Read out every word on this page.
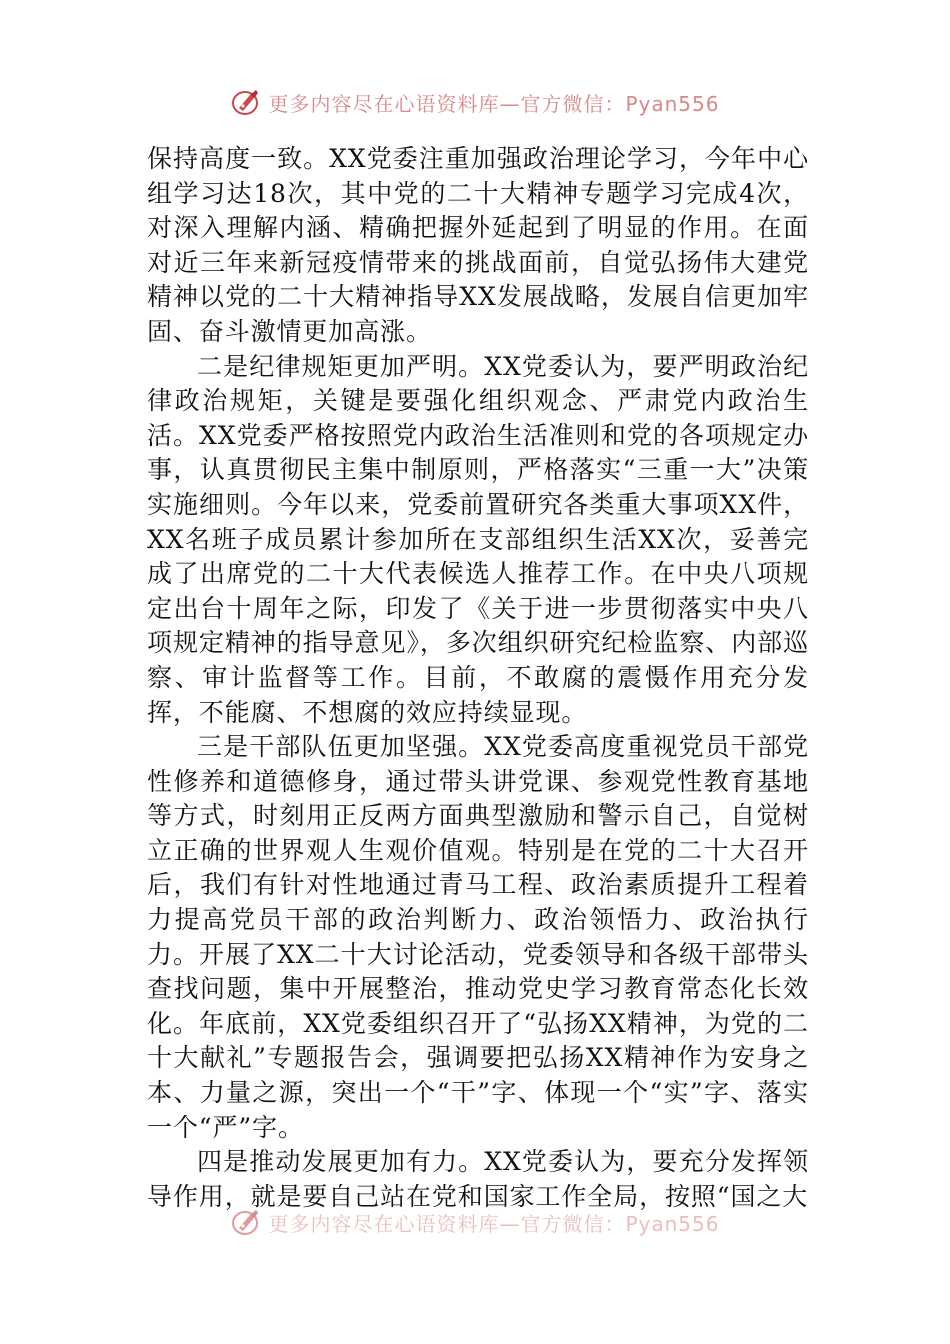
更多内容尽在心语资料库—官方微信：Pyan556

保持高度一致。XX党委注重加强政治理论学习，今年中心组学习达18次，其中党的二十大精神专题学习完成4次，对深入理解内涵、精确把握外延起到了明显的作用。在面对近三年来新冠疫情带来的挑战面前，自觉弘扬伟大建党精神以党的二十大精神指导XX发展战略，发展自信更加牢固、奋斗激情更加高涨。

二是纪律规矩更加严明。XX党委认为，要严明政治纪律政治规矩，关键是要强化组织观念、严肃党内政治生活。XX党委严格按照党内政治生活准则和党的各项规定办事，认真贯彻民主集中制原则，严格落实“三重一大”决策实施细则。今年以来，党委前置研究各类重大事项XX件，XX名班子成员累计参加所在支部组织生活XX次，妥善完成了出席党的二十大代表候选人推荐工作。在中央八项规定出台十周年之际，印发了《关于进一步贯彻落实中央八项规定精神的指导意见》，多次组织研究纪检监察、内部巡察、审计监督等工作。目前，不敢腐的震慑作用充分发挥，不能腐、不想腐的效应持续显现。

三是干部队伍更加坚强。XX党委高度重视党员干部党性修养和道德修身，通过带头讲党课、参观党性教育基地等方式，时刻用正反两方面典型激励和警示自己，自觉树立正确的世界观人生观价值观。特别是在党的二十大召开后，我们有针对性地通过青马工程、政治素质提升工程着力提高党员干部的政治判断力、政治领悟力、政治执行力。开展了XX二十大讨论活动，党委领导和各级干部带头查找问题，集中开展整治，推动党史学习教育常态化长效化。年底前，XX党委组织召开了“弘扬XX精神，为党的二十大献礼”专题报告会，强调要把弘扬XX精神作为安身之本、力量之源，突出一个“干”字、体现一个“实”字、落实一个“严”字。

四是推动发展更加有力。XX党委认为，要充分发挥领导作用，就是要自己站在党和国家工作全局，按照“国之大

更多内容尽在心语资料库—官方微信：Pyan556
